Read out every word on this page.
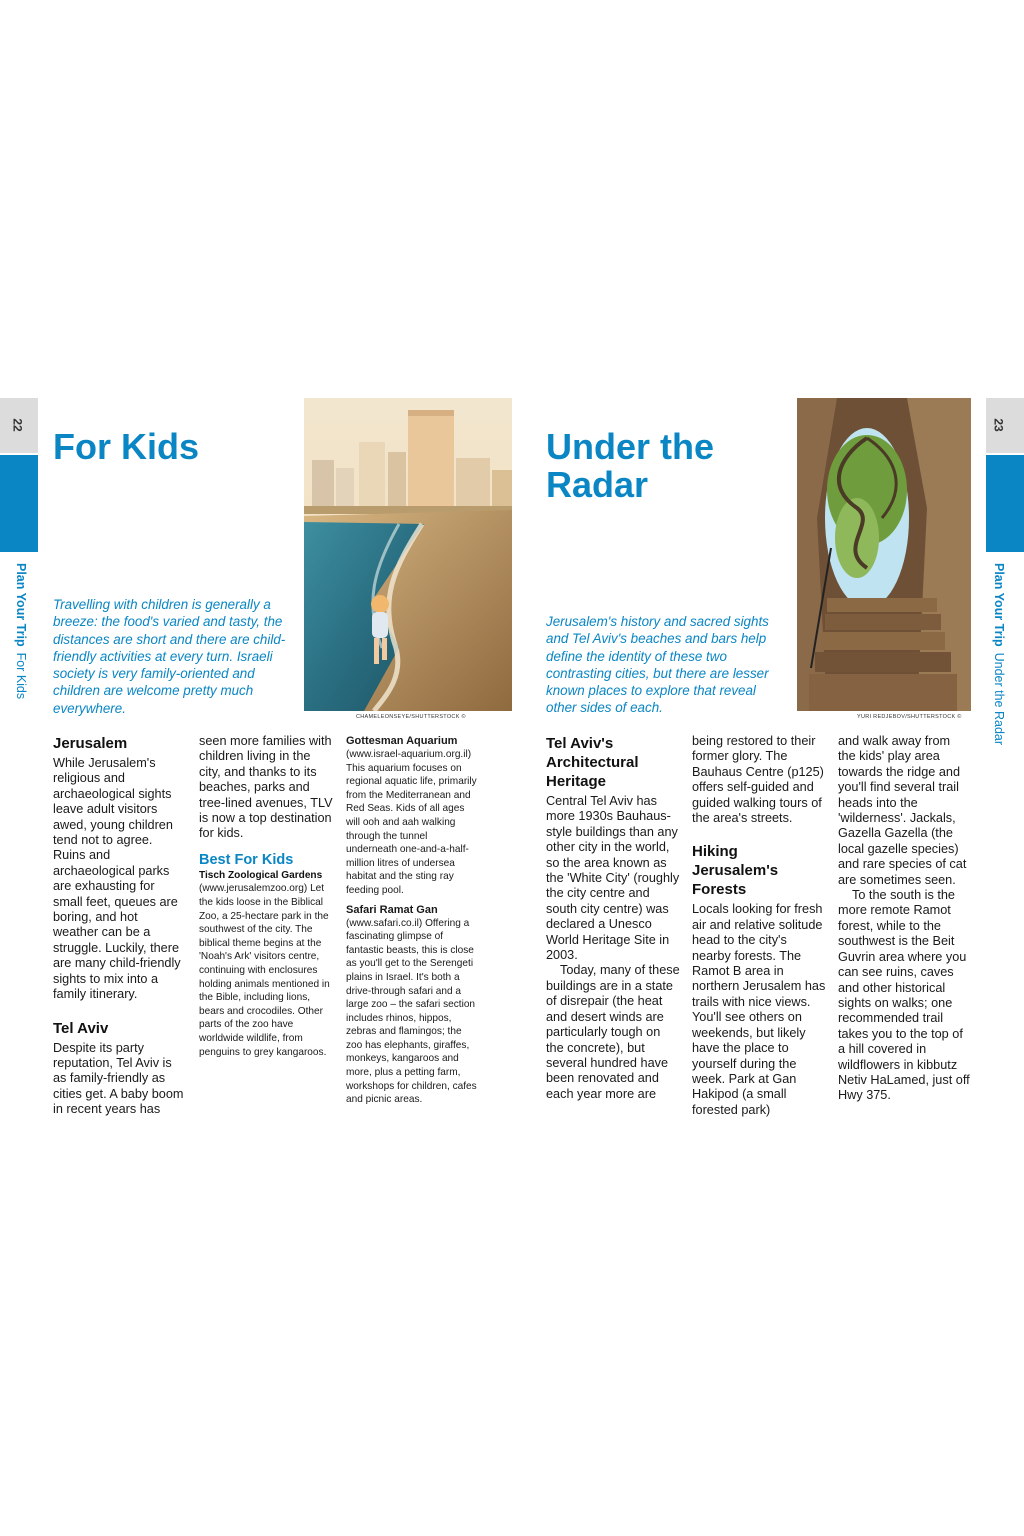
22
Plan Your TripFor Kids
23
Plan Your TripUnder the Radar
For Kids
Travelling with children is generally a breeze: the food's varied and tasty, the distances are short and there are child-friendly activities at every turn. Israeli society is very family-oriented and children are welcome pretty much everywhere.
CHAMELEONSEYE/SHUTTERSTOCK ©
Jerusalem

While Jerusalem's religious and archaeological sights leave adult visitors awed, young children tend not to agree. Ruins and archaeological parks are exhausting for small feet, queues are boring, and hot weather can be a struggle. Luckily, there are many child-friendly sights to mix into a family itinerary.

Tel Aviv

Despite its party reputation, Tel Aviv is as family-friendly as cities get. A baby boom in recent years has

seen more families with children living in the city, and thanks to its beaches, parks and tree-lined avenues, TLV is now a top destination for kids.

Best For Kids
Tisch Zoological Gardens (www.jerusalemzoo.org) Let the kids loose in the Biblical Zoo, a 25-hectare park in the southwest of the city. The biblical theme begins at the 'Noah's Ark' visitors centre, continuing with enclosures holding animals mentioned in the Bible, including lions, bears and crocodiles. Other parts of the zoo have worldwide wildlife, from penguins to grey kangaroos.
Gottesman Aquarium
(www.israel-aquarium.org.il) This aquarium focuses on regional aquatic life, primarily from the Mediterranean and Red Seas. Kids of all ages will ooh and aah walking through the tunnel underneath one-and-a-half-million litres of undersea habitat and the sting ray feeding pool.
Safari Ramat Gan
(www.safari.co.il) Offering a fascinating glimpse of fantastic beasts, this is close as you'll get to the Serengeti plains in Israel. It's both a drive-through safari and a large zoo – the safari section includes rhinos, hippos, zebras and flamingos; the zoo has elephants, giraffes, monkeys, kangaroos and more, plus a petting farm, workshops for children, cafes and picnic areas.
Under the
Radar
Jerusalem's history and sacred sights and Tel Aviv's beaches and bars help define the identity of these two contrasting cities, but there are lesser known places to explore that reveal other sides of each.
YURI REDJEBOV/SHUTTERSTOCK ©
Tel Aviv's Architectural Heritage

Central Tel Aviv has more 1930s Bauhaus-style buildings than any other city in the world, so the area known as the 'White City' (roughly the city centre and south city centre) was declared a Unesco World Heritage Site in 2003.

Today, many of these buildings are in a state of disrepair (the heat and desert winds are particularly tough on the concrete), but several hundred have been renovated and each year more are

being restored to their former glory. The Bauhaus Centre (p125) offers self-guided and guided walking tours of the area's streets.

Hiking Jerusalem's Forests

Locals looking for fresh air and relative solitude head to the city's nearby forests. The Ramot B area in northern Jerusalem has trails with nice views. You'll see others on weekends, but likely have the place to yourself during the week. Park at Gan Hakipod (a small forested park)

and walk away from the kids' play area towards the ridge and you'll find several trail heads into the 'wilderness'. Jackals, Gazella Gazella (the local gazelle species) and rare species of cat are sometimes seen.

To the south is the more remote Ramot forest, while to the southwest is the Beit Guvrin area where you can see ruins, caves and other historical sights on walks; one recommended trail takes you to the top of a hill covered in wildflowers in kibbutz Netiv HaLamed, just off Hwy 375.
